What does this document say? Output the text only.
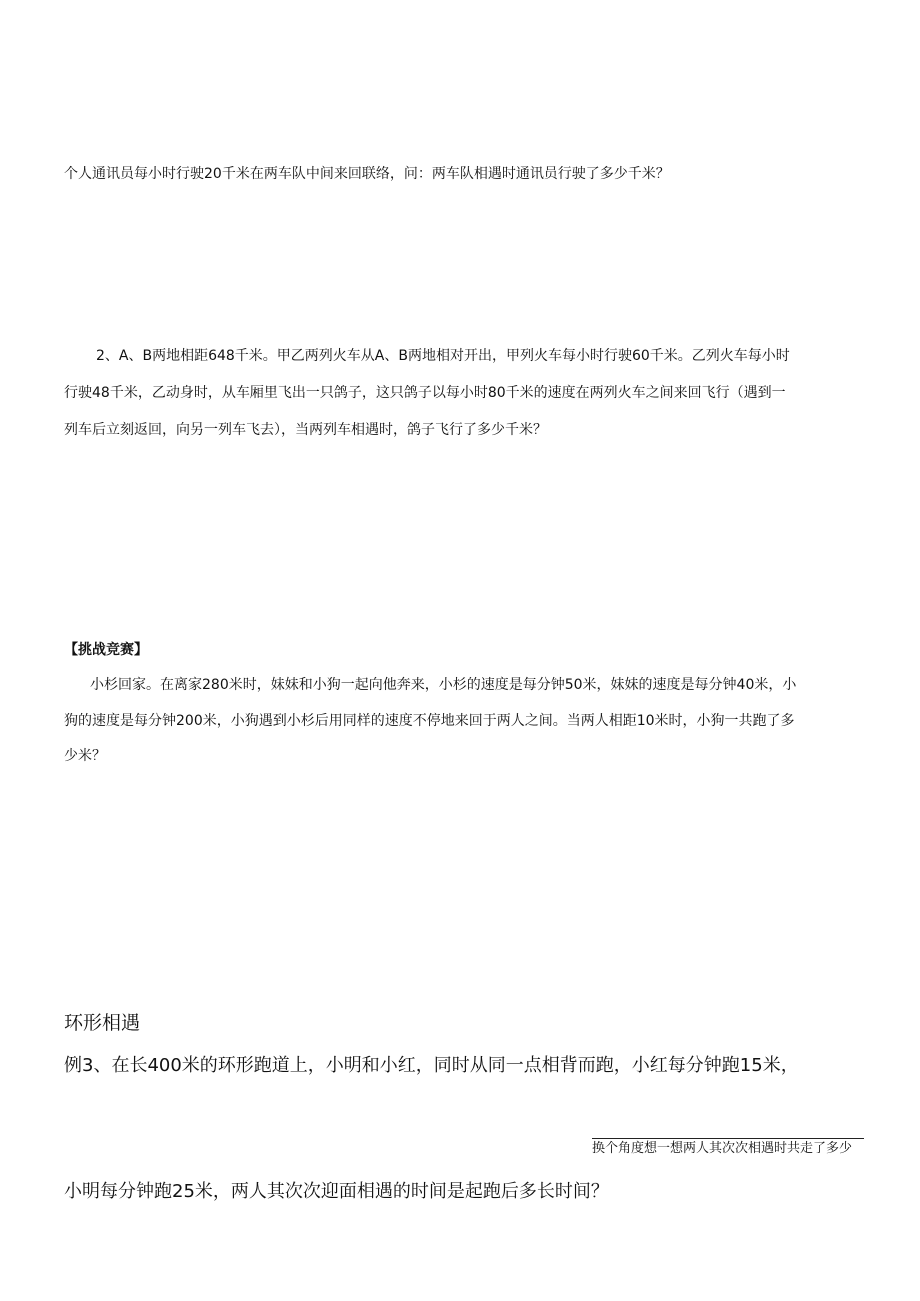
个人通讯员每小时行驶20千米在两车队中间来回联络，问：两车队相遇时通讯员行驶了多少千米？
2、A、B两地相距648千米。甲乙两列火车从A、B两地相对开出，甲列火车每小时行驶60千米。乙列火车每小时
行驶48千米，乙动身时，从车厢里飞出一只鸽子，这只鸽子以每小时80千米的速度在两列火车之间来回飞行（遇到一
列车后立刻返回，向另一列车飞去），当两列车相遇时，鸽子飞行了多少千米？
【挑战竞赛】
小杉回家。在离家280米时，妹妹和小狗一起向他奔来，小杉的速度是每分钟50米，妹妹的速度是每分钟40米，小
狗的速度是每分钟200米，小狗遇到小杉后用同样的速度不停地来回于两人之间。当两人相距10米时，小狗一共跑了多
少米？
环形相遇
例3、在长400米的环形跑道上，小明和小红，同时从同一点相背而跑，小红每分钟跑15米，
换个角度想一想两人其次次相遇时共走了多少
小明每分钟跑25米，两人其次次迎面相遇的时间是起跑后多长时间？
